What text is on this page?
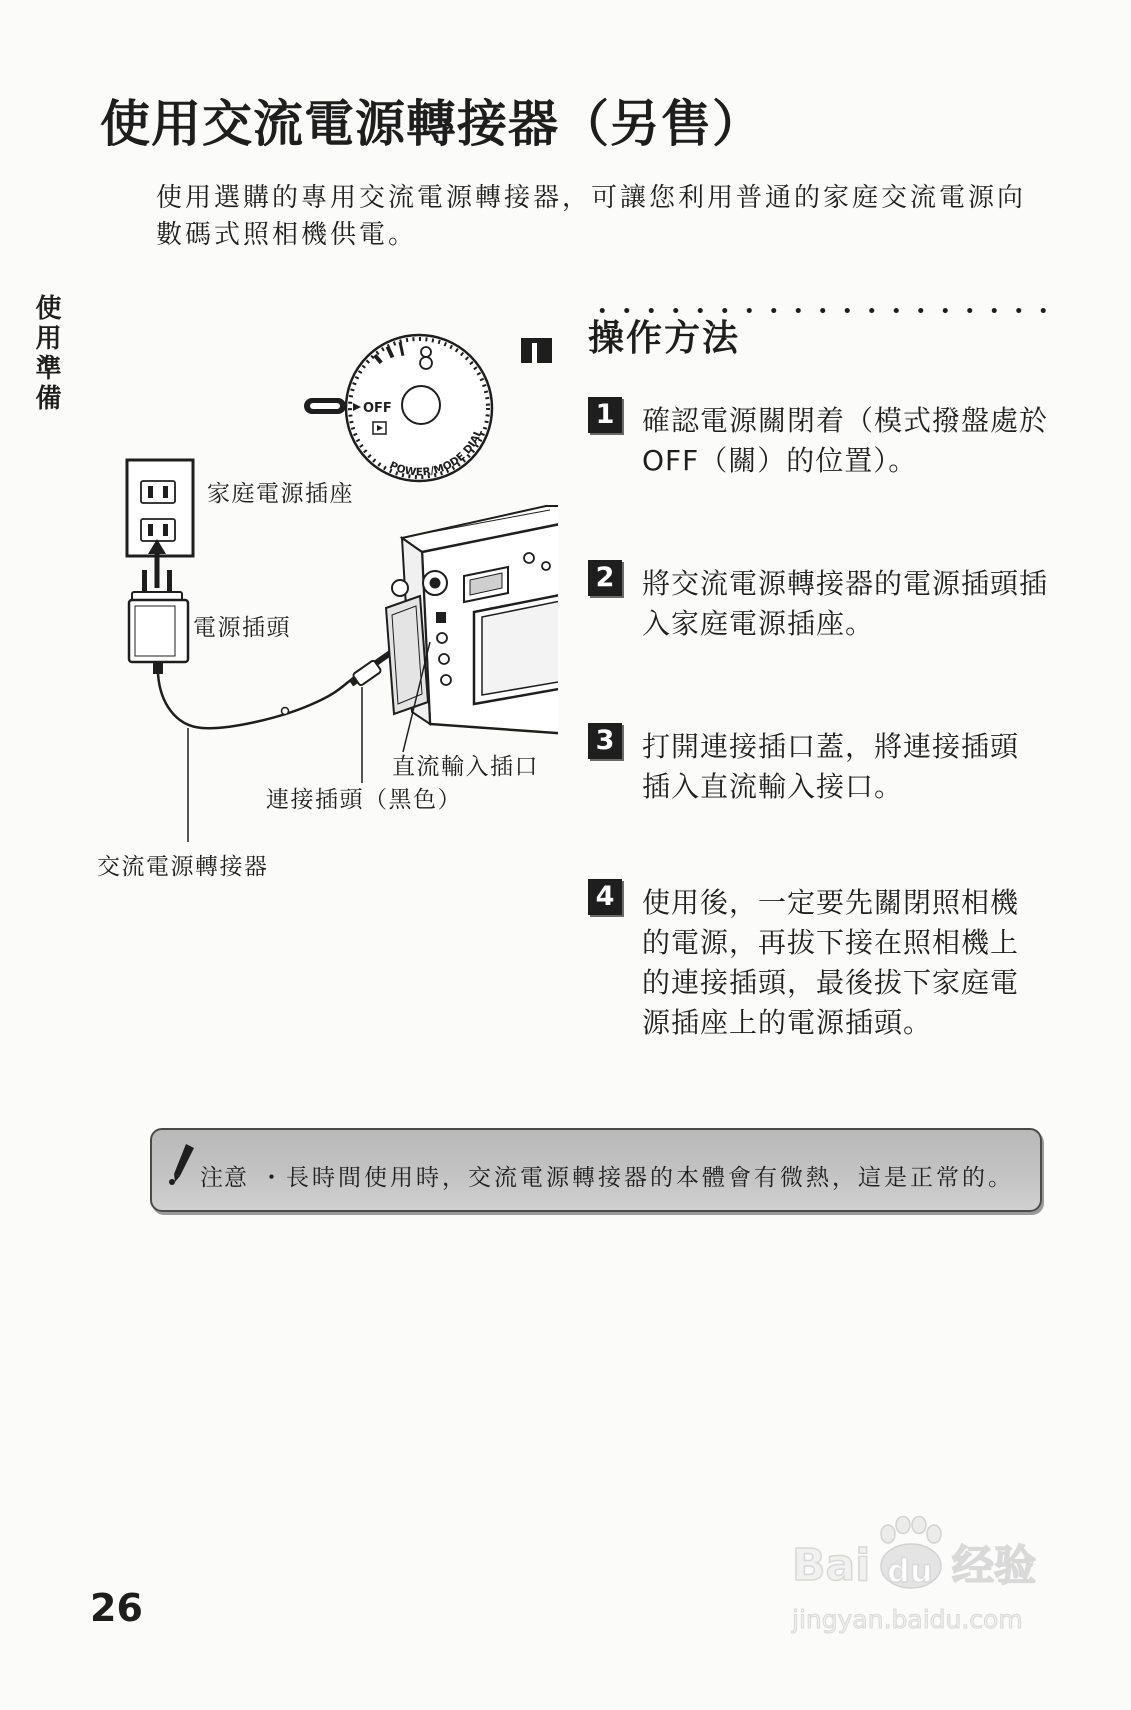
使用交流電源轉接器（另售）
使用選購的專用交流電源轉接器，可讓您利用普通的家庭交流電源向
數碼式照相機供電。
使用準備	操作方法
1 確認電源關閉着（模式撥盤處於
OFF（關）的位置）。
2 將交流電源轉接器的電源插頭插
入家庭電源插座。
3 打開連接插口蓋，將連接插頭
插入直流輸入接口。
4 使用後，一定要先關閉照相機
的電源，再拔下接在照相機上
的連接插頭，最後拔下家庭電
源插座上的電源插頭。
OFF
POWER/MODE DIAL
家庭電源插座
電源插頭
直流輸入插口
連接插頭（黑色）
交流電源轉接器
注意 ・長時間使用時，交流電源轉接器的本體會有微熱，這是正常的。
26
Bai du 经验
jingyan.baidu.com
